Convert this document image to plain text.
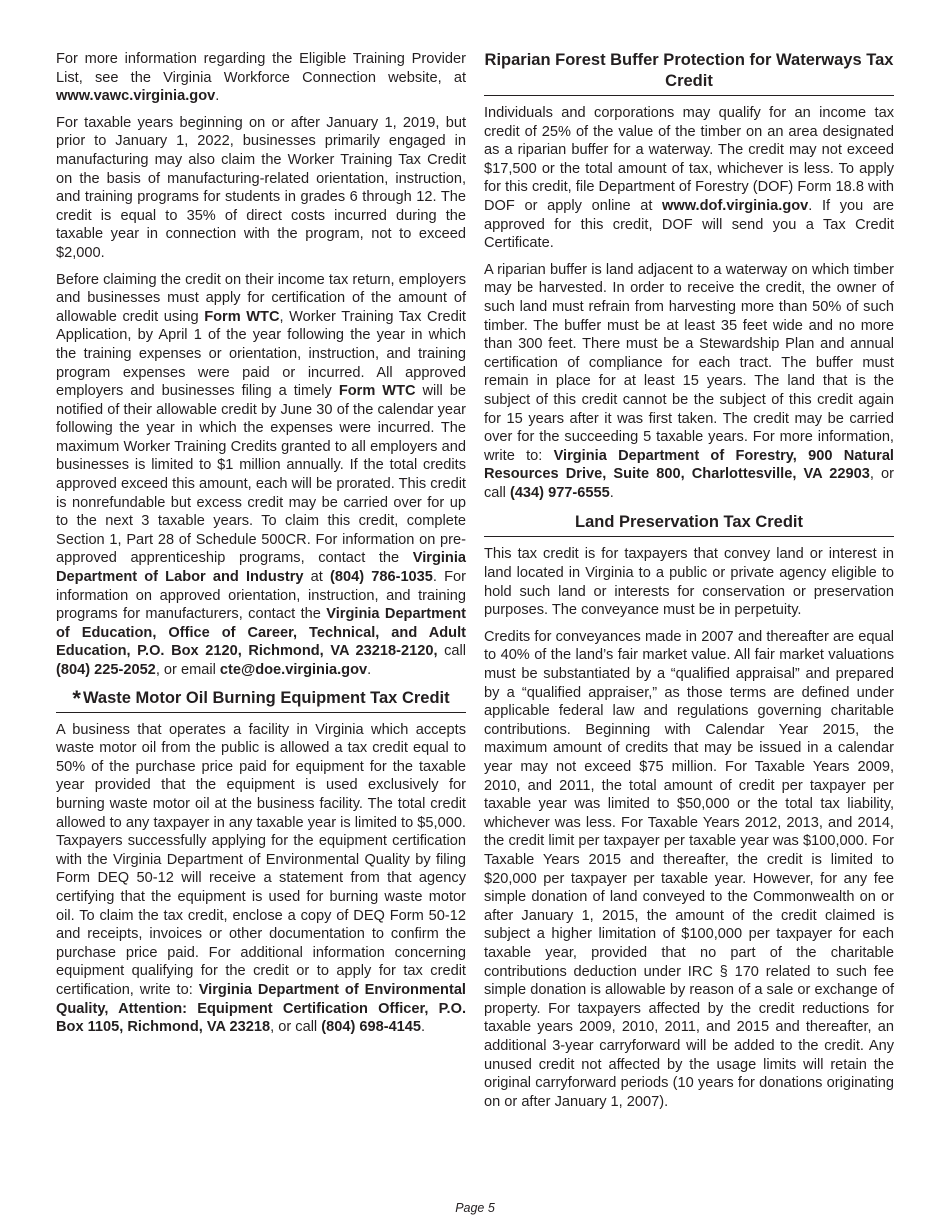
For more information regarding the Eligible Training Provider List, see the Virginia Workforce Connection website, at www.vawc.virginia.gov.

For taxable years beginning on or after January 1, 2019, but prior to January 1, 2022, businesses primarily engaged in manufacturing may also claim the Worker Training Tax Credit on the basis of manufacturing-related orientation, instruction, and training programs for students in grades 6 through 12. The credit is equal to 35% of direct costs incurred during the taxable year in connection with the program, not to exceed $2,000.

Before claiming the credit on their income tax return, employers and businesses must apply for certification of the amount of allowable credit using Form WTC, Worker Training Tax Credit Application, by April 1 of the year following the year in which the training expenses or orientation, instruction, and training program expenses were paid or incurred. All approved employers and businesses filing a timely Form WTC will be notified of their allowable credit by June 30 of the calendar year following the year in which the expenses were incurred. The maximum Worker Training Credits granted to all employers and businesses is limited to $1 million annually. If the total credits approved exceed this amount, each will be prorated. This credit is nonrefundable but excess credit may be carried over for up to the next 3 taxable years. To claim this credit, complete Section 1, Part 28 of Schedule 500CR. For information on pre-approved apprenticeship programs, contact the Virginia Department of Labor and Industry at (804) 786-1035. For information on approved orientation, instruction, and training programs for manufacturers, contact the Virginia Department of Education, Office of Career, Technical, and Adult Education, P.O. Box 2120, Richmond, VA 23218-2120, call (804) 225-2052, or email cte@doe.virginia.gov.

* Waste Motor Oil Burning Equipment Tax Credit

A business that operates a facility in Virginia which accepts waste motor oil from the public is allowed a tax credit equal to 50% of the purchase price paid for equipment for the taxable year provided that the equipment is used exclusively for burning waste motor oil at the business facility. The total credit allowed to any taxpayer in any taxable year is limited to $5,000. Taxpayers successfully applying for the equipment certification with the Virginia Department of Environmental Quality by filing Form DEQ 50-12 will receive a statement from that agency certifying that the equipment is used for burning waste motor oil. To claim the tax credit, enclose a copy of DEQ Form 50-12 and receipts, invoices or other documentation to confirm the purchase price paid. For additional information concerning equipment qualifying for the credit or to apply for tax credit certification, write to: Virginia Department of Environmental Quality, Attention: Equipment Certification Officer, P.O. Box 1105, Richmond, VA 23218, or call (804) 698-4145.

Riparian Forest Buffer Protection for Waterways Tax Credit

Individuals and corporations may qualify for an income tax credit of 25% of the value of the timber on an area designated as a riparian buffer for a waterway. The credit may not exceed $17,500 or the total amount of tax, whichever is less. To apply for this credit, file Department of Forestry (DOF) Form 18.8 with DOF or apply online at www.dof.virginia.gov. If you are approved for this credit, DOF will send you a Tax Credit Certificate.

A riparian buffer is land adjacent to a waterway on which timber may be harvested. In order to receive the credit, the owner of such land must refrain from harvesting more than 50% of such timber. The buffer must be at least 35 feet wide and no more than 300 feet. There must be a Stewardship Plan and annual certification of compliance for each tract. The buffer must remain in place for at least 15 years. The land that is the subject of this credit cannot be the subject of this credit again for 15 years after it was first taken. The credit may be carried over for the succeeding 5 taxable years. For more information, write to: Virginia Department of Forestry, 900 Natural Resources Drive, Suite 800, Charlottesville, VA 22903, or call (434) 977-6555.

Land Preservation Tax Credit

This tax credit is for taxpayers that convey land or interest in land located in Virginia to a public or private agency eligible to hold such land or interests for conservation or preservation purposes. The conveyance must be in perpetuity.

Credits for conveyances made in 2007 and thereafter are equal to 40% of the land’s fair market value. All fair market valuations must be substantiated by a “qualified appraisal” and prepared by a “qualified appraiser,” as those terms are defined under applicable federal law and regulations governing charitable contributions. Beginning with Calendar Year 2015, the maximum amount of credits that may be issued in a calendar year may not exceed $75 million. For Taxable Years 2009, 2010, and 2011, the total amount of credit per taxpayer per taxable year was limited to $50,000 or the total tax liability, whichever was less. For Taxable Years 2012, 2013, and 2014, the credit limit per taxpayer per taxable year was $100,000. For Taxable Years 2015 and thereafter, the credit is limited to $20,000 per taxpayer per taxable year. However, for any fee simple donation of land conveyed to the Commonwealth on or after January 1, 2015, the amount of the credit claimed is subject a higher limitation of $100,000 per taxpayer for each taxable year, provided that no part of the charitable contributions deduction under IRC § 170 related to such fee simple donation is allowable by reason of a sale or exchange of property. For taxpayers affected by the credit reductions for taxable years 2009, 2010, 2011, and 2015 and thereafter, an additional 3-year carryforward will be added to the credit. Any unused credit not affected by the usage limits will retain the original carryforward periods (10 years for donations originating on or after January 1, 2007).

Page 5
